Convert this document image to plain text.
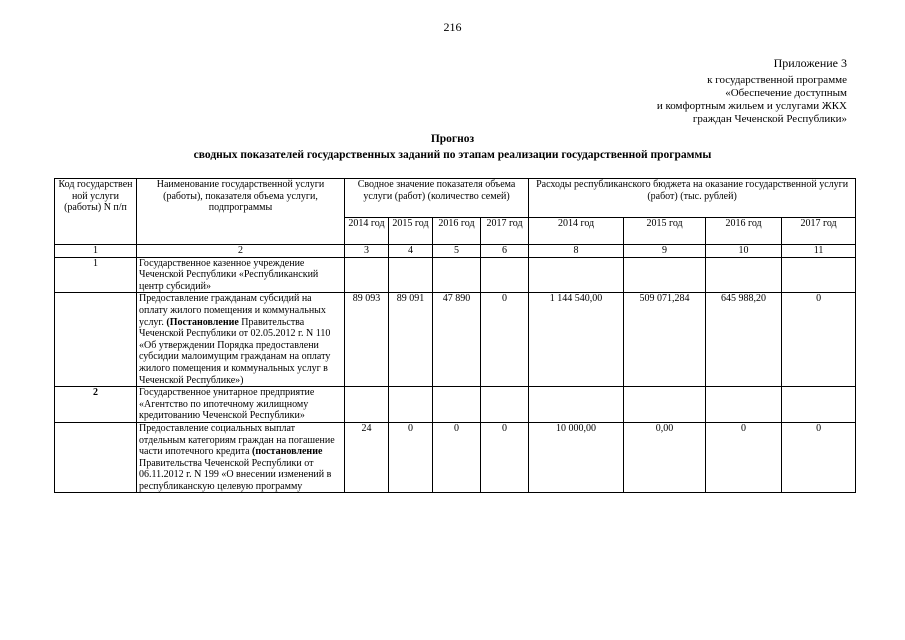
216
Приложение 3
к государственной программе
«Обеспечение доступным
и комфортным жильем и услугами ЖКХ
граждан Чеченской Республики»
Прогноз
сводных показателей государственных заданий по этапам реализации государственной программы
Код государствен ной услуги (работы) N п/п	Наименование государственной услуги (работы), показателя объема услуги, подпрограммы	Сводное значение показателя объема услуги (работ) (количество семей)				Расходы республиканского бюджета на оказание государственной услуги (работ) (тыс. рублей)			
		2014 год	2015 год	2016 год	2017 год	2014 год	2015 год	2016 год	2017 год
1	2	3	4	5	6	8	9	10	11
1	Государственное казенное учреждение Чеченской Республики «Республиканский центр субсидий»								
	Предоставление гражданам субсидий на оплату жилого помещения и коммунальных услуг. (Постановление Правительства Чеченской Республики от 02.05.2012 г. N 110 «Об утверждении Порядка предоставлени субсидии малоимущим гражданам на оплату жилого помещения и коммунальных услуг в Чеченской Республике»)	89 093	89 091	47 890	0	1 144 540,00	509 071,284	645 988,20	0
2	Государственное унитарное предприятие «Агентство по ипотечному жилищному кредитованию Чеченской Республики»								
	Предоставление социальных выплат отдельным категориям граждан на погашение части ипотечного кредита (постановление Правительства Чеченской Республики от 06.11.2012 г. N 199 «О внесении изменений в республиканскую целевую программу	24	0	0	0	10 000,00	0,00	0	0
